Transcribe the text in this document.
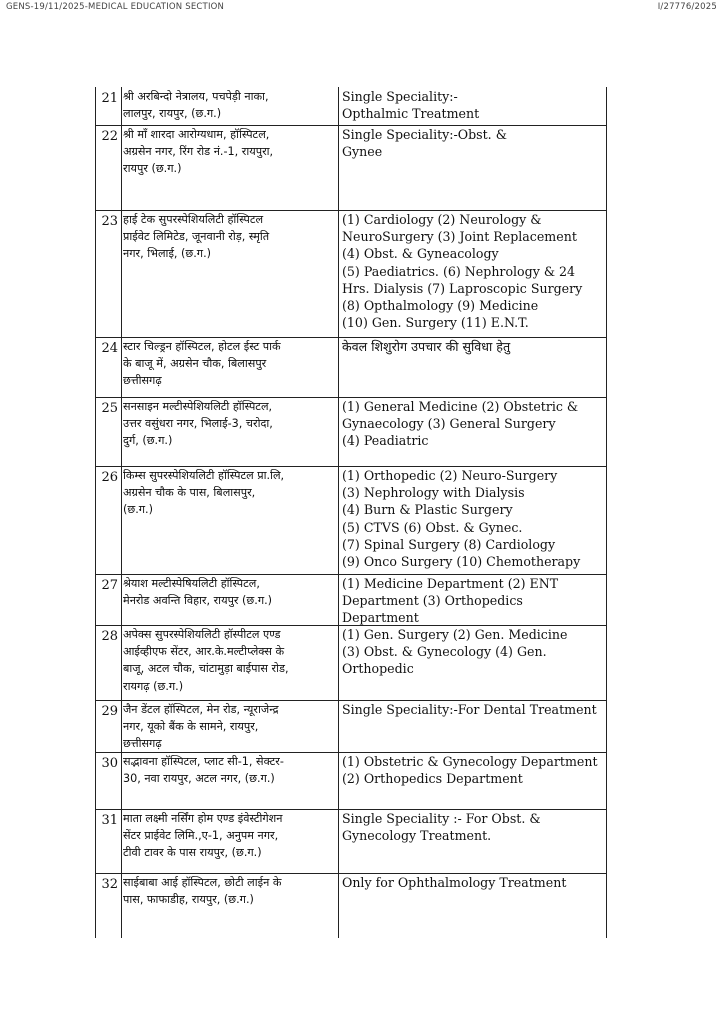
GENS-19/11/2025-MEDICAL EDUCATION SECTION	I/27776/2025
21 श्री अरबिन्दो नेत्रालय, पचपेड़ी नाका,
लालपुर, रायपुर, (छ.ग.)
Single Speciality:-
Opthalmic Treatment
22 श्री माँ शारदा आरोग्यधाम, हॉस्पिटल,
अग्रसेन नगर, रिंग रोड नं.-1, रायपुरा,
रायपुर (छ.ग.)
Single Speciality:-Obst. &
Gynee
23 हाई टेक सुपरस्पेशियलिटी हॉस्पिटल
प्राईवेट लिमिटेड, जूनवानी रोड़, स्मृति
नगर, भिलाई, (छ.ग.)
(1) Cardiology (2) Neurology &
NeuroSurgery (3) Joint Replacement
(4) Obst. & Gyneacology
(5) Paediatrics. (6) Nephrology & 24
Hrs. Dialysis (7) Laproscopic Surgery
(8) Opthalmology (9) Medicine
(10) Gen. Surgery (11) E.N.T.
24 स्टार चिल्ड्रन हॉस्पिटल, होटल ईस्ट पार्क
के बाजू में, अग्रसेन चौक, बिलासपुर
छत्तीसगढ़
केवल शिशुरोग उपचार की सुविधा हेतु
25 सनसाइन मल्टीस्पेशियलिटी हॉस्पिटल,
उत्तर वसुंधरा नगर, भिलाई-3, चरोदा,
दुर्ग, (छ.ग.)
(1) General Medicine (2) Obstetric &
Gynaecology (3) General Surgery
(4) Peadiatric
26 किम्स सुपरस्पेशियलिटी हॉस्पिटल प्रा.लि,
अग्रसेन चौक के पास, बिलासपुर,
(छ.ग.)
(1) Orthopedic (2) Neuro-Surgery
(3) Nephrology with Dialysis
(4) Burn & Plastic Surgery
(5) CTVS (6) Obst. & Gynec.
(7) Spinal Surgery (8) Cardiology
(9) Onco Surgery (10) Chemotherapy
27 श्रेयाश मल्टीस्पेषियलिटी हॉस्पिटल,
मेनरोड अवन्ति विहार, रायपुर (छ.ग.)
(1) Medicine Department (2) ENT
Department (3) Orthopedics
Department
28 अपेक्स सुपरस्पेशियलिटी हॉस्पीटल एण्ड
आईव्हीएफ सेंटर, आर.के.मल्टीप्लेक्स के
बाजू, अटल चौक, चांटामुड़ा बाईपास रोड,
रायगढ़ (छ.ग.)
(1) Gen. Surgery (2) Gen. Medicine
(3) Obst. & Gynecology (4) Gen.
Orthopedic
29 जैन डेंटल हॉस्पिटल, मेन रोड, न्यूराजेन्द्र
नगर, यूको बैंक के सामने, रायपुर,
छत्तीसगढ़
Single Speciality:-For Dental Treatment
30 सद्भावना हॉस्पिटल, प्लाट सी-1, सेक्टर-
30, नवा रायपुर, अटल नगर, (छ.ग.)
(1) Obstetric & Gynecology Department
(2) Orthopedics Department
31 माता लक्ष्मी नर्सिंग होम एण्ड इंवेस्टीगेशन
सेंटर प्राईवेट लिमि.,ए-1, अनुपम नगर,
टीवी टावर के पास रायपुर, (छ.ग.)
Single Speciality :- For Obst. &
Gynecology Treatment.
32 साईबाबा आई हॉस्पिटल, छोटी लाईन के
पास, फाफाडीह, रायपुर, (छ.ग.)
Only for Ophthalmology Treatment
